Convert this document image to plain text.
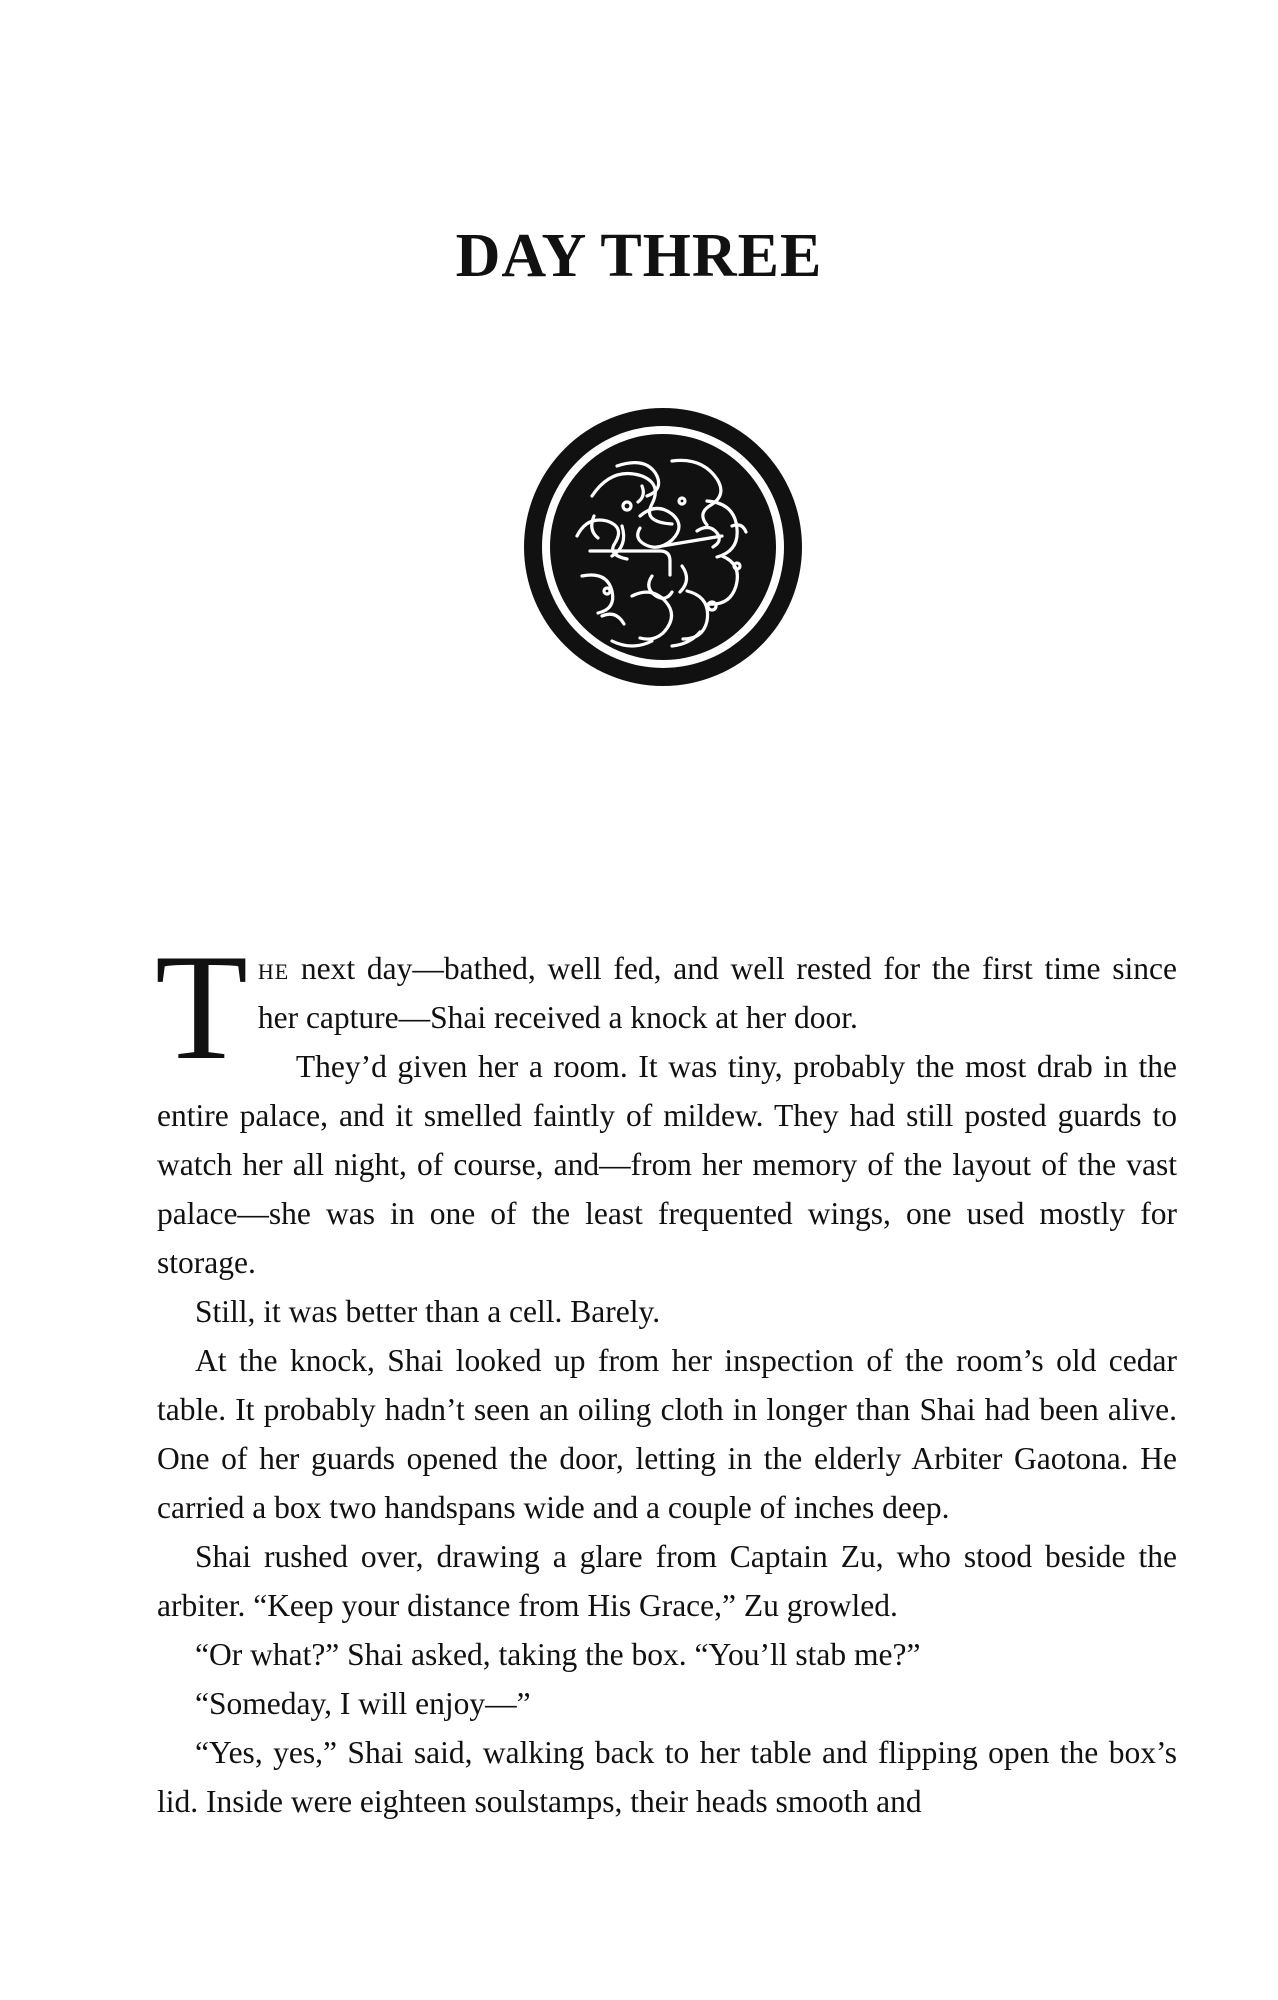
DAY THREE

The next day—bathed, well fed, and well rested for the first time since her capture—Shai received a knock at her door.

They’d given her a room. It was tiny, probably the most drab in the entire palace, and it smelled faintly of mildew. They had still posted guards to watch her all night, of course, and—from her memory of the layout of the vast palace—she was in one of the least frequented wings, one used mostly for storage.

Still, it was better than a cell. Barely.

At the knock, Shai looked up from her inspection of the room’s old cedar table. It probably hadn’t seen an oiling cloth in longer than Shai had been alive. One of her guards opened the door, letting in the elderly Arbiter Gaotona. He carried a box two handspans wide and a couple of inches deep.

Shai rushed over, drawing a glare from Captain Zu, who stood beside the arbiter. “Keep your distance from His Grace,” Zu growled.

“Or what?” Shai asked, taking the box. “You’ll stab me?”

“Someday, I will enjoy—”

“Yes, yes,” Shai said, walking back to her table and flipping open the box’s lid. Inside were eighteen soulstamps, their heads smooth and
